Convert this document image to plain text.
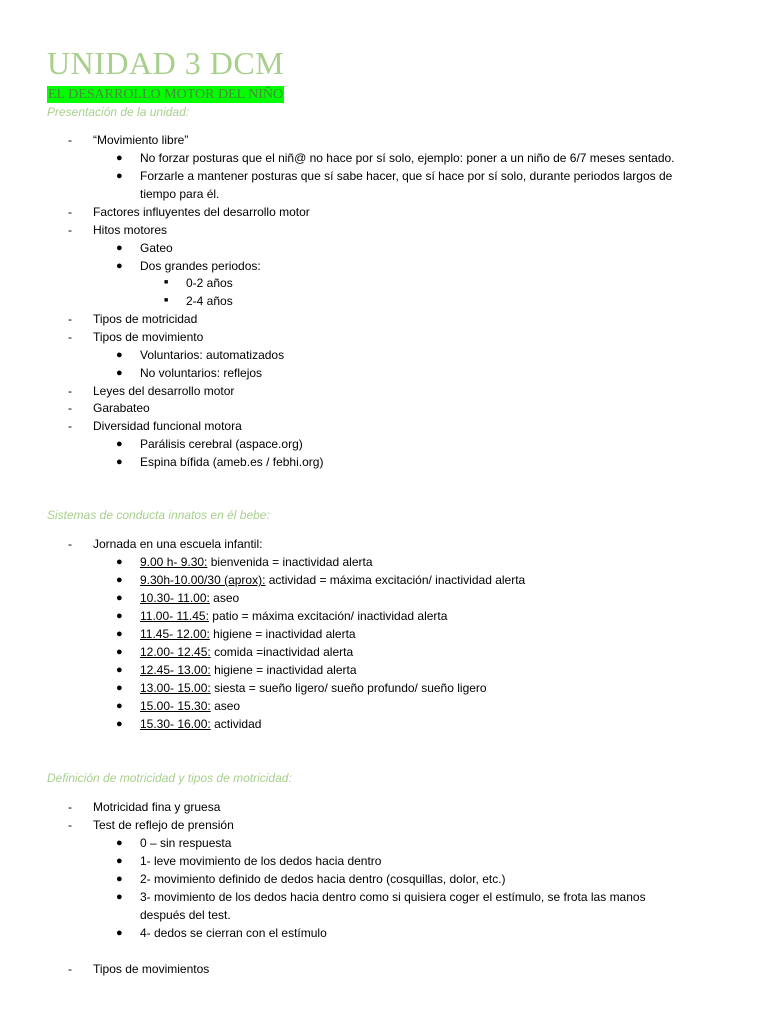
UNIDAD 3 DCM
EL DESARROLLO MOTOR DEL NIÑO

Presentación de la unidad:

- “Movimiento libre”
● No forzar posturas que el niñ@ no hace por sí solo, ejemplo: poner a un niño de 6/7 meses sentado.
● Forzarle a mantener posturas que sí sabe hacer, que sí hace por sí solo, durante periodos largos de
tiempo para él.
- Factores influyentes del desarrollo motor
- Hitos motores
● Gateo
● Dos grandes periodos:
■ 0-2 años
■ 2-4 años
- Tipos de motricidad
- Tipos de movimiento
● Voluntarios: automatizados
● No voluntarios: reflejos
- Leyes del desarrollo motor
- Garabateo
- Diversidad funcional motora
● Parálisis cerebral (aspace.org)
● Espina bífida (ameb.es / febhi.org)

Sistemas de conducta innatos en él bebe:

- Jornada en una escuela infantil:
● 9.00 h- 9.30: bienvenida = inactividad alerta
● 9.30h-10.00/30 (aprox): actividad = máxima excitación/ inactividad alerta
● 10.30- 11.00: aseo
● 11.00- 11.45: patio = máxima excitación/ inactividad alerta
● 11.45- 12.00: higiene = inactividad alerta
● 12.00- 12.45: comida =inactividad alerta
● 12.45- 13.00: higiene = inactividad alerta
● 13.00- 15.00: siesta = sueño ligero/ sueño profundo/ sueño ligero
● 15.00- 15.30: aseo
● 15.30- 16.00: actividad

Definición de motricidad y tipos de motricidad:

- Motricidad fina y gruesa
- Test de reflejo de prensión
● 0 – sin respuesta
● 1- leve movimiento de los dedos hacia dentro
● 2- movimiento definido de dedos hacia dentro (cosquillas, dolor, etc.)
● 3- movimiento de los dedos hacia dentro como si quisiera coger el estímulo, se frota las manos
después del test.
● 4- dedos se cierran con el estímulo
- Tipos de movimientos
